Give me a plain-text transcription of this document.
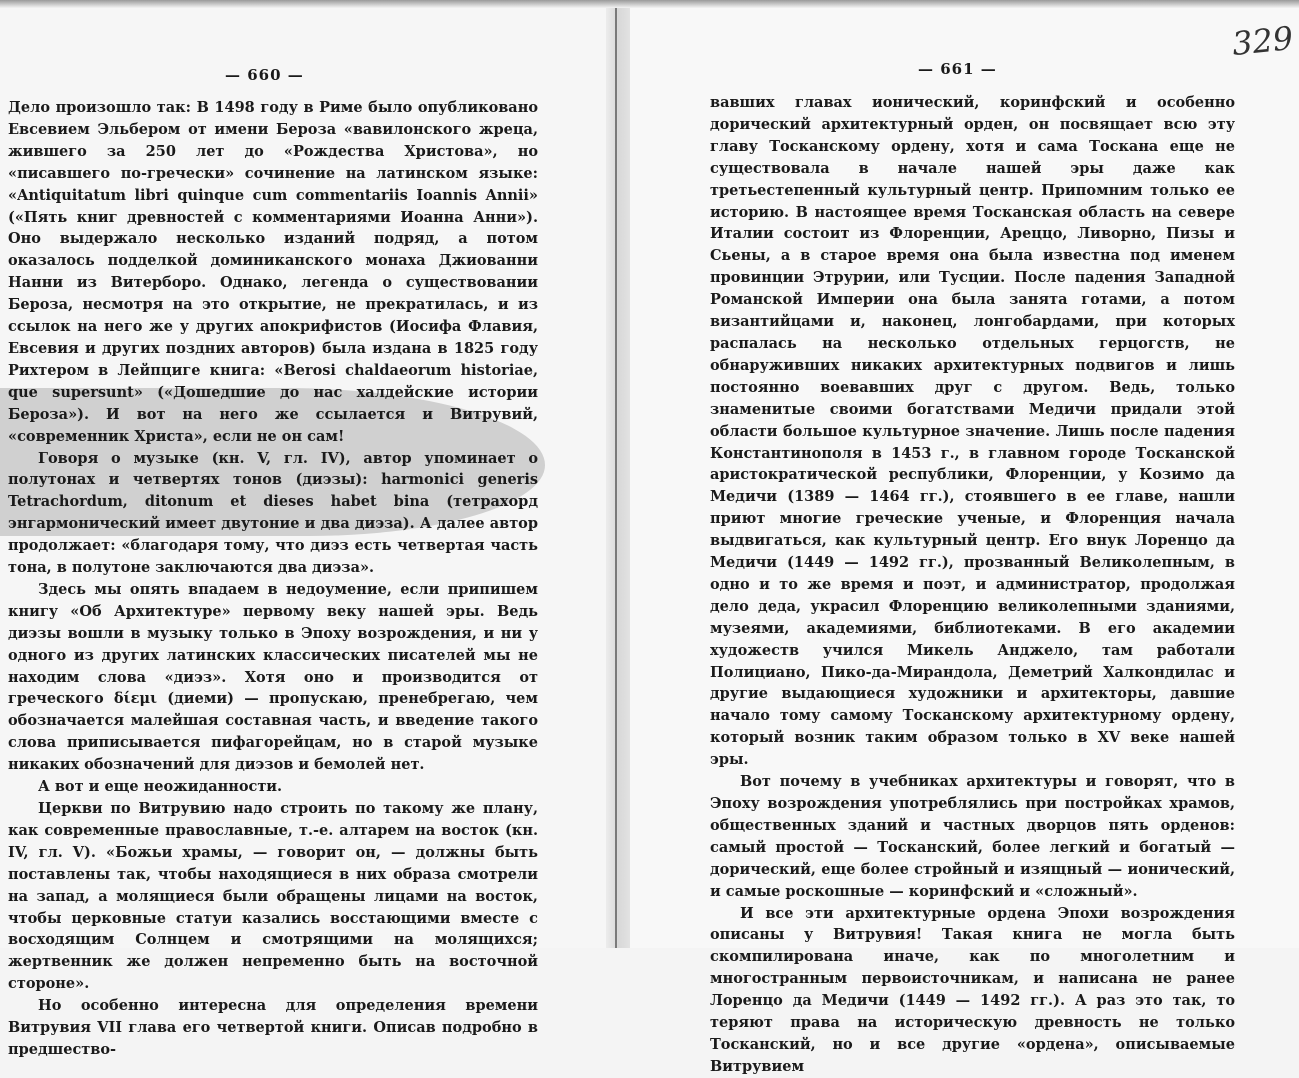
— 660 —

Дело произошло так: В 1498 году в Риме было опубликовано Евсевием Эльбером от имени Бероза «вавилонского жреца, жившего за 250 лет до «Рождества Христова», но «писавшего по-гречески» сочинение на латинском языке: «Antiquitatum libri quinque cum commentariis Ioannis Annii» («Пять книг древностей с комментариями Иоанна Анни»). Оно выдержало несколько изданий подряд, а потом оказалось подделкой доминиканского монаха Джиованни Нанни из Витерборо. Однако, легенда о существовании Бероза, несмотря на это открытие, не прекратилась, и из ссылок на него же у других апокрифистов (Иосифа Флавия, Евсевия и других поздних авторов) была издана в 1825 году Рихтером в Лейпциге книга: «Berosi chaldaeorum historiae, que supersunt» («Дошедшие до нас халдейские истории Бероза»). И вот на него же ссылается и Витрувий, «современник Христа», если не он сам!

Говоря о музыке (кн. V, гл. IV), автор упоминает о полутонах и четвертях тонов (диэзы): harmonici generis Tetrachordum, ditonum et dieses habet bina (тетрахорд энгармонический имеет двутоние и два диэза). А далее автор продолжает: «благодаря тому, что диэз есть четвертая часть тона, в полутоне заключаются два диэза».

Здесь мы опять впадаем в недоумение, если припишем книгу «Об Архитектуре» первому веку нашей эры. Ведь диэзы вошли в музыку только в Эпоху возрождения, и ни у одного из других латинских классических писателей мы не находим слова «диэз». Хотя оно и производится от греческого δίεμι (диеми) — пропускаю, пренебрегаю, чем обозначается малейшая составная часть, и введение такого слова приписывается пифагорейцам, но в старой музыке никаких обозначений для диэзов и бемолей нет.

А вот и еще неожиданности.

Церкви по Витрувию надо строить по такому же плану, как современные православные, т.-е. алтарем на восток (кн. IV, гл. V). «Божьи храмы, — говорит он, — должны быть поставлены так, чтобы находящиеся в них образа смотрели на запад, а молящиеся были обращены лицами на восток, чтобы церковные статуи казались восстающими вместе с восходящим Солнцем и смотрящими на молящихся; жертвенник же должен непременно быть на восточной стороне».

Но особенно интересна для определения времени Витрувия VII глава его четвертой книги. Описав подробно в предшество-

— 661 —

вавших главах ионический, коринфский и особенно дорический архитектурный орден, он посвящает всю эту главу Тосканскому ордену, хотя и сама Тоскана еще не существовала в начале нашей эры даже как третьестепенный культурный центр. Припомним только ее историю. В настоящее время Тосканская область на севере Италии состоит из Флоренции, Ареццо, Ливорно, Пизы и Сьены, а в старое время она была известна под именем провинции Этрурии, или Тусции. После падения Западной Романской Империи она была занята готами, а потом византийцами и, наконец, лонгобардами, при которых распалась на несколько отдельных герцогств, не обнаруживших никаких архитектурных подвигов и лишь постоянно воевавших друг с другом. Ведь, только знаменитые своими богатствами Медичи придали этой области большое культурное значение. Лишь после падения Константинополя в 1453 г., в главном городе Тосканской аристократической республики, Флоренции, у Козимо да Медичи (1389 — 1464 гг.), стоявшего в ее главе, нашли приют многие греческие ученые, и Флоренция начала выдвигаться, как культурный центр. Его внук Лоренцо да Медичи (1449 — 1492 гг.), прозванный Великолепным, в одно и то же время и поэт, и администратор, продолжая дело деда, украсил Флоренцию великолепными зданиями, музеями, академиями, библиотеками. В его академии художеств учился Микель Анджело, там работали Полициано, Пико-да-Мирандола, Деметрий Халкондилас и другие выдающиеся художники и архитекторы, давшие начало тому самому Тосканскому архитектурному ордену, который возник таким образом только в XV веке нашей эры.

Вот почему в учебниках архитектуры и говорят, что в Эпоху возрождения употреблялись при постройках храмов, общественных зданий и частных дворцов пять орденов: самый простой — Тосканский, более легкий и богатый — дорический, еще более стройный и изящный — ионический, и самые роскошные — коринфский и «сложный».

И все эти архитектурные ордена Эпохи возрождения описаны у Витрувия! Такая книга не могла быть скомпилирована иначе, как по многолетним и многостранным первоисточникам, и написана не ранее Лоренцо да Медичи (1449 — 1492 гг.). А раз это так, то теряют права на историческую древность не только Тосканский, но и все другие «ордена», описываемые Витрувием

329
